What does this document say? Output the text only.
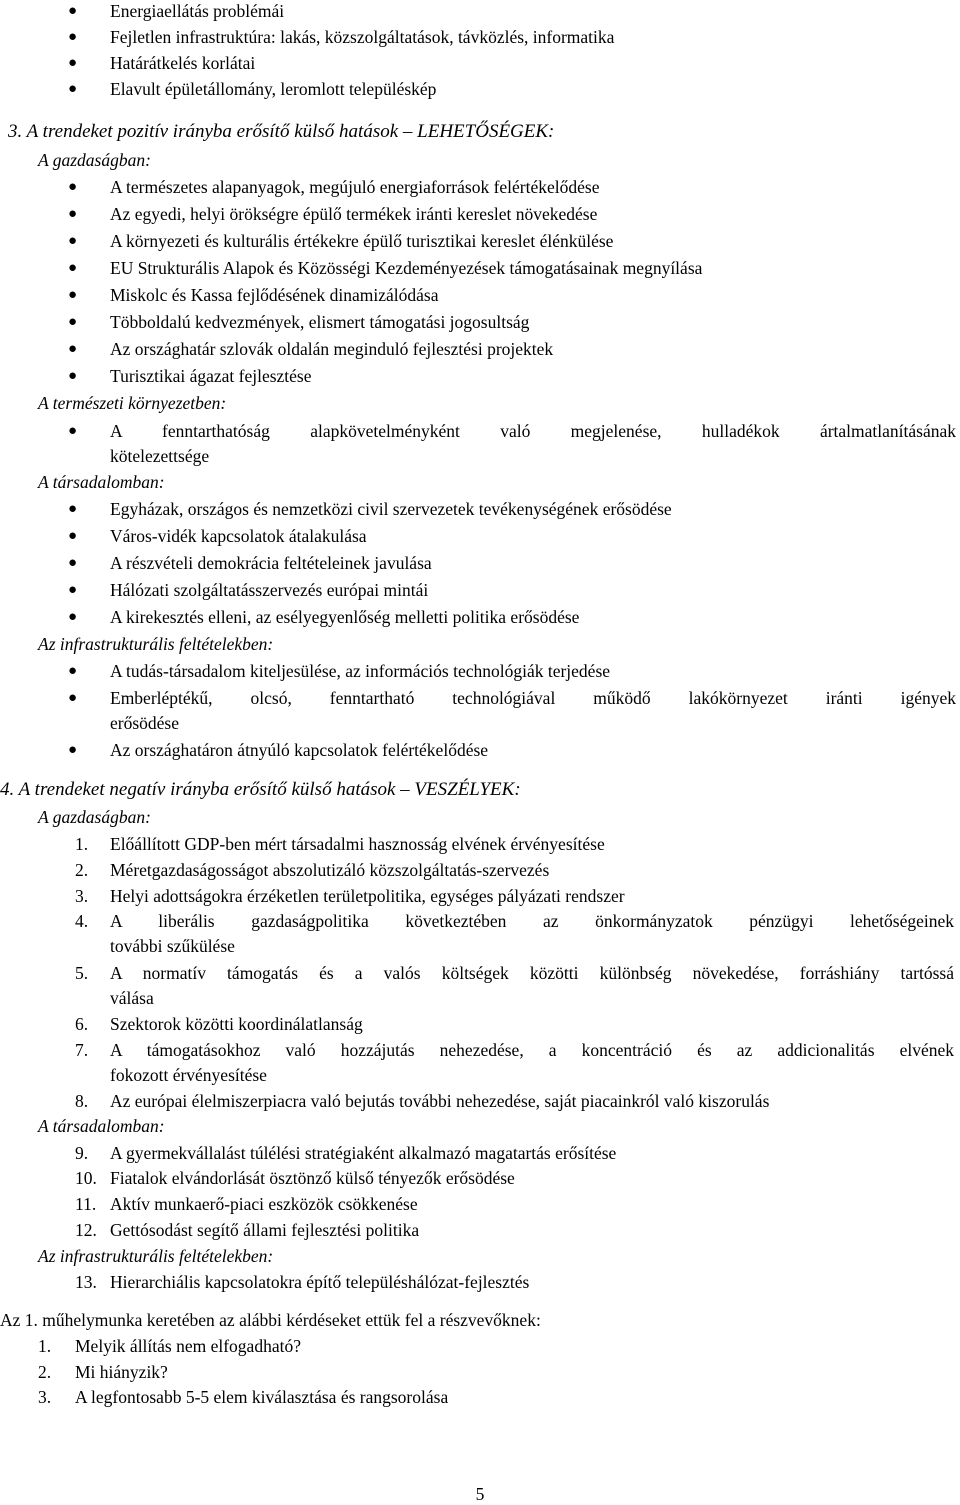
● Energiaellátás problémái
● Fejletlen infrastruktúra: lakás, közszolgáltatások, távközlés, informatika
● Határátkelés korlátai
● Elavult épületállomány, leromlott településkép
3. A trendeket pozitív irányba erősítő külső hatások – LEHETŐSÉGEK:
A gazdaságban:
● A természetes alapanyagok, megújuló energiaforrások felértékelődése
● Az egyedi, helyi örökségre épülő termékek iránti kereslet növekedése
● A környezeti és kulturális értékekre épülő turisztikai kereslet élénkülése
● EU Strukturális Alapok és Közösségi Kezdeményezések támogatásainak megnyílása
● Miskolc és Kassa fejlődésének dinamizálódása
● Többoldalú kedvezmények, elismert támogatási jogosultság
● Az országhatár szlovák oldalán meginduló fejlesztési projektek
● Turisztikai ágazat fejlesztése
A természeti környezetben:
● A fenntarthatóság alapkövetelményként való megjelenése, hulladékok ártalmatlanításának
kötelezettsége
A társadalomban:
● Egyházak, országos és nemzetközi civil szervezetek tevékenységének erősödése
● Város-vidék kapcsolatok átalakulása
● A részvételi demokrácia feltételeinek javulása
● Hálózati szolgáltatásszervezés európai mintái
● A kirekesztés elleni, az esélyegyenlőség melletti politika erősödése
Az infrastrukturális feltételekben:
● A tudás-társadalom kiteljesülése, az információs technológiák terjedése
● Emberléptékű, olcsó, fenntartható technológiával működő lakókörnyezet iránti igények
erősödése
● Az országhatáron átnyúló kapcsolatok felértékelődése
4. A trendeket negatív irányba erősítő külső hatások – VESZÉLYEK:
A gazdaságban:
1.	Előállított GDP-ben mért társadalmi hasznosság elvének érvényesítése
2.	Méretgazdaságosságot abszolutizáló közszolgáltatás-szervezés
3.	Helyi adottságokra érzéketlen területpolitika, egységes pályázati rendszer
4.	A liberális gazdaságpolitika következtében az önkormányzatok pénzügyi lehetőségeinek
további szűkülése
5.	A normatív támogatás és a valós költségek közötti különbség növekedése, forráshiány tartóssá
válása
6.	Szektorok közötti koordinálatlanság
7.	A támogatásokhoz való hozzájutás nehezedése, a koncentráció és az addicionalitás elvének
fokozott érvényesítése
8.	Az európai élelmiszerpiacra való bejutás további nehezedése, saját piacainkról való kiszorulás
A társadalomban:
9.	A gyermekvállalást túlélési stratégiaként alkalmazó magatartás erősítése
10. Fiatalok elvándorlását ösztönző külső tényezők erősödése
11. Aktív munkaerő-piaci eszközök csökkenése
12. Gettósodást segítő állami fejlesztési politika
Az infrastrukturális feltételekben:
13. Hierarchiális kapcsolatokra építő településhálózat-fejlesztés
Az 1. műhelymunka keretében az alábbi kérdéseket ettük fel a részvevőknek:
1.	Melyik állítás nem elfogadható?
2.	Mi hiányzik?
3.	A legfontosabb 5-5 elem kiválasztása és rangsorolása
5
